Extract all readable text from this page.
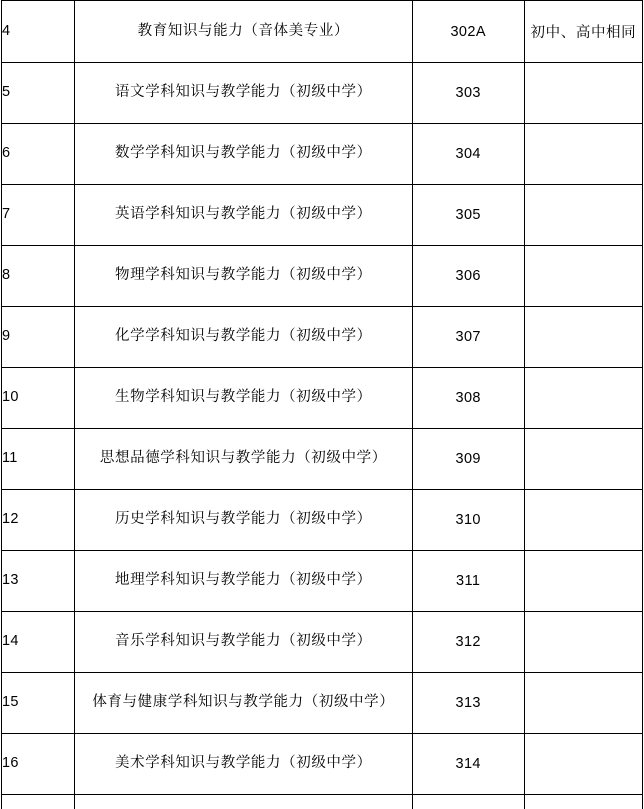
4	教育知识与能力（音体美专业）	302A	初中、高中相同
5	语文学科知识与教学能力（初级中学）	303	
6	数学学科知识与教学能力（初级中学）	304	
7	英语学科知识与教学能力（初级中学）	305	
8	物理学科知识与教学能力（初级中学）	306	
9	化学学科知识与教学能力（初级中学）	307	
10	生物学科知识与教学能力（初级中学）	308	
11	思想品德学科知识与教学能力（初级中学）	309	
12	历史学科知识与教学能力（初级中学）	310	
13	地理学科知识与教学能力（初级中学）	311	
14	音乐学科知识与教学能力（初级中学）	312	
15	体育与健康学科知识与教学能力（初级中学）	313	
16	美术学科知识与教学能力（初级中学）	314	
